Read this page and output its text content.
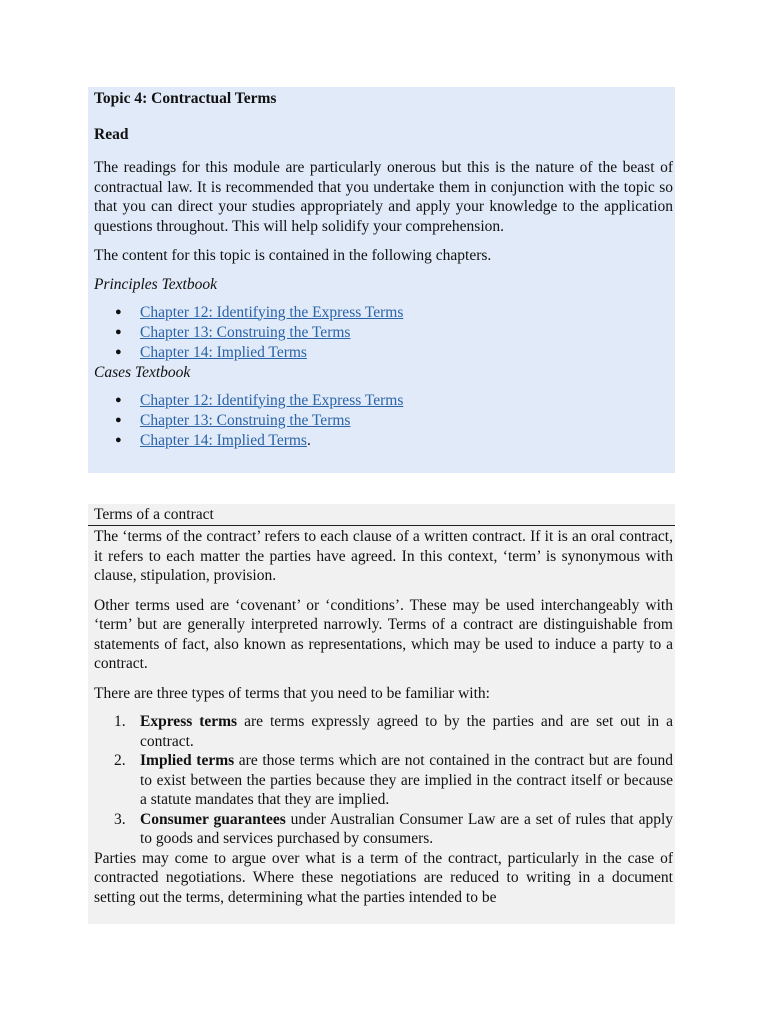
Topic 4: Contractual Terms
Read
The readings for this module are particularly onerous but this is the nature of the beast of contractual law. It is recommended that you undertake them in conjunction with the topic so that you can direct your studies appropriately and apply your knowledge to the application questions throughout. This will help solidify your comprehension.
The content for this topic is contained in the following chapters.
Principles Textbook
● Chapter 12: Identifying the Express Terms
● Chapter 13: Construing the Terms
● Chapter 14: Implied Terms
Cases Textbook
● Chapter 12: Identifying the Express Terms
● Chapter 13: Construing the Terms
● Chapter 14: Implied Terms.
Terms of a contract
The ‘terms of the contract’ refers to each clause of a written contract. If it is an oral contract, it refers to each matter the parties have agreed. In this context, ‘term’ is synonymous with clause, stipulation, provision.
Other terms used are ‘covenant’ or ‘conditions’. These may be used interchangeably with ‘term’ but are generally interpreted narrowly. Terms of a contract are distinguishable from statements of fact, also known as representations, which may be used to induce a party to a contract.
There are three types of terms that you need to be familiar with:
1. Express terms are terms expressly agreed to by the parties and are set out in a contract.
2. Implied terms are those terms which are not contained in the contract but are found to exist between the parties because they are implied in the contract itself or because a statute mandates that they are implied.
3. Consumer guarantees under Australian Consumer Law are a set of rules that apply to goods and services purchased by consumers.
Parties may come to argue over what is a term of the contract, particularly in the case of contracted negotiations. Where these negotiations are reduced to writing in a document setting out the terms, determining what the parties intended to be
